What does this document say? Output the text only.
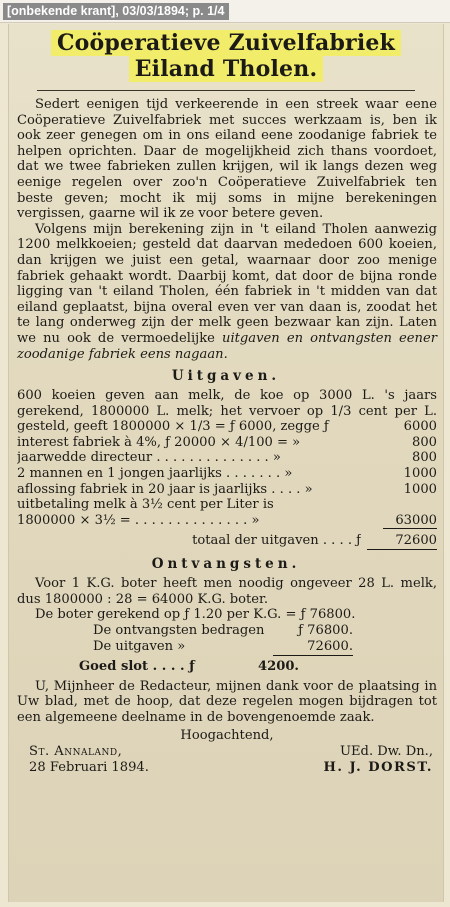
[onbekende krant], 03/03/1894; p. 1/4
Coöperatieve Zuivelfabriek
Eiland Tholen.

Sedert eenigen tijd verkeerende in een streek waar eene Coöperatieve Zuivelfabriek met succes werkzaam is, ben ik ook zeer genegen om in ons eiland eene zoodanige fabriek te helpen oprichten. Daar de mogelijkheid zich thans voordoet, dat we twee fabrieken zullen krijgen, wil ik langs dezen weg eenige regelen over zoo'n Coöperatieve Zuivelfabriek ten beste geven; mocht ik mij soms in mijne berekeningen vergissen, gaarne wil ik ze voor betere geven.

Volgens mijn berekening zijn in 't eiland Tholen aanwezig 1200 melkkoeien; gesteld dat daarvan mededoen 600 koeien, dan krijgen we juist een getal, waarnaar door zoo menige fabriek gehaakt wordt. Daarbij komt, dat door de bijna ronde ligging van 't eiland Tholen, één fabriek in 't midden van dat eiland geplaatst, bijna overal even ver van daan is, zoodat het te lang onderweg zijn der melk geen bezwaar kan zijn. Laten we nu ook de vermoedelijke uitgaven en ontvangsten eener zoodanige fabriek eens nagaan.

Uitgaven.

600 koeien geven aan melk, de koe op 3000 L. 's jaars gerekend, 1800000 L. melk; het vervoer op 1/3 cent per L. gesteld, geeft 1800000 × 1/3 = ƒ 6000, zegge ƒ	6000

interest fabriek à 4%, ƒ 20000 × 4/100 = »	800
jaarwedde directeur . . . . . . . . . . . . . . »	800
2 mannen en 1 jongen jaarlijks . . . . . . . »	1000
aflossing fabriek in 20 jaar is jaarlijks . . . . »	1000
uitbetaling melk à 3½ cent per Liter is
1800000 × 3½ = . . . . . . . . . . . . . . »	63000
totaal der uitgaven . . . . ƒ	72600
Ontvangsten.

Voor 1 K.G. boter heeft men noodig ongeveer 28 L. melk, dus 1800000 : 28 = 64000 K.G. boter.

De boter gerekend op ƒ 1.20 per K.G. = ƒ 76800.

De ontvangsten bedragen	ƒ 76800.
De uitgaven »	72600.
Goed slot . . . . ƒ	4200.

U, Mijnheer de Redacteur, mijnen dank voor de plaatsing in Uw blad, met de hoop, dat deze regelen mogen bijdragen tot een algemeene deelname in de bovengenoemde zaak.

Hoogachtend,
St. Annaland,	UEd. Dw. Dn.,
28 Februari 1894.	H. J. DORST.
